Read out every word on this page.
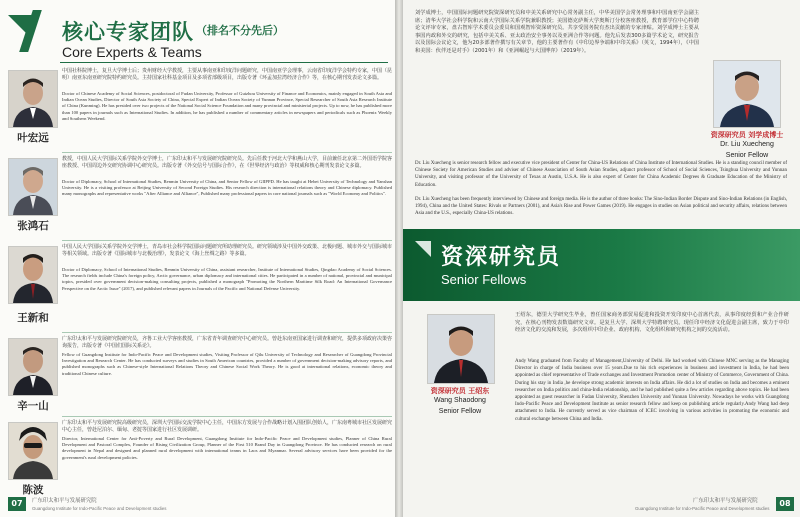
核心专家团队 （排名不分先后）
Core Experts & Teams
叶宏远
中国社科院博士，复旦大学博士后；贵州财经大学教授，主要从事南亚和印度洋问题研究，中国南亚学会理事，云南省印度洋学会特约专家，中国（昆明）南亚东南亚研究院特约研究员。主持国家社科基金项目及多项省部级项目，出版专著《环孟加拉湾经济合作》等，在核心期刊发表论文多篇。
Doctor of Chinese Academy of Social Sciences, postdoctoral of Fudan University, Professor of Guizhou University of Finance and Economics, mainly engaged in South Asia and Indian Ocean Studies, Director of South Asia Society of China, Special Expert of Indian Ocean Society of Yunnan Province, Special Researcher of South Asia Research Institute of China (Kunming). He has presided over two projects of the National Social Science Foundation and many provincial and ministerial projects. Up to now, he has published more than 100 papers in journals such as International Studies. In addition, he has published a number of commentary articles in newspapers and periodicals such as Phoenix Weekly and Southern Weekend.
张鸿石
教授，中国人民大学国际关系学院外交学博士，广东印太和平与发展研究院研究员。先后任教于河北大学和燕山大学，目前兼任北京第二外国语学院客座教授、中国周边外交研究协调中心研究员。出版专著《外交信号与国际合作》，在《世界经济与政治》等权威和核心期刊发表论文多篇。
Doctor of Diplomacy, School of International Studies, Renmin University of China, and Senior Fellow of GIIPPD. He has taught at Hebei University of Technology and Yanshan University. He is a visiting professor at Beijing University of Second Foreign Studies. His research direction is international relations theory and Chinese diplomacy. Published many monographs and representative works "After Alliance and Alliance", Published many professional papers in core national journals such as "World Economy and Politics".
王新和
中国人民大学国际关系学院外交学博士，青岛市社会科学院国际问题研究所助理研究员。研究领域涉及中国外交政策、北极问题、城市外交与国际城市等相关领域。出版专著《国际城市与北极治理》，发表论文《海上丝绸之路》等多篇。
Doctor of Diplomacy, School of International Studies, Renmin University of China, assistant researcher, Institute of International Studies, Qingdao Academy of Social Sciences. The research fields include China's foreign policy, Arctic governance, urban diplomacy and international cities. He participated in a number of national, provincial and municipal topics, presided over government decision-making consulting projects, published a monograph "Promoting the Northern Maritime Silk Road: An International Governance Perspective on the Arctic Issue" (2017), and published relevant papers in Journals of the Pacific and National Defense University.
辛一山
广东印太和平与发展研究院研究员，齐鲁工业大学客座教授，广东省青年调查研究中心研究员。曾赴东南亚国家进行调查和研究，提供多项政府决策咨询报告，出版专著《中国们国际关系论》。
Fellow of Guangdong Institute for Indo-Pacific Peace and Development studies, Visiting Professor of Qilu University of Technology and Researcher of Guangdong Provincial Investigation and Research Center. He has conducted surveys and studies in South American countries, provided a number of government decision-making advisory reports, and published monographs such as Chinese-style International Relations Theory and Chinese Social Work Theory. He is good at international relations, economic theory and traditional Chinese culture.
陈波
广东印太和平与发展研究院高级研究员，深圳大学国际交流学院中心主任，中国东方发展与合作战略计划入围团队创始人，广东南粤城市社区发展研究中心主任，曾赴尼泊尔、缅甸、老挝等国家进行社区发展调研。
Director, International Center for Anti-Poverty and Rural Development, Guangdong Institute for Indo-Pacific Peace and Development studies, Planner of China Rural Development and Pastoral Complex, Founder of Rising Civilization Group, Planner of the First 510 Brand Day in Guangdong Province. He has conducted research on rural development in Nepal and designed and planned rural development with international teams in Laos and Myanmar. Several advisory services have been provided for the government's rural development policies.
07	广东印太和平与发展研究院
Guangdong Institute for Indo-Pacific Peace and Development studies
刘学成博士，中国国际问题研究院资深研究员和中美关系研究中心常务副主任，中华美国学会常务理事和中国南亚学会副主席；清华大学社会科学院和云南大学国际关系学院兼职教授；美国德克萨斯大学奥斯汀分校客座教授，教育部学位中心特聘论文评审专家，盘古智库学术委员会委员和国观智库资深研究员。共享受国务院有杰出贡献的专家津贴。刘学成博士主要从事国内政和外交的研究，包括中美关系、亚太政治安全事务以及亚洲合作等问题。他先后发表300多篇学术论文，研究报告以及国际会议论文，他为20多部著作撰写有关章节，他的主要著作有《中印边界争端和中印关系》（英文，1994年），《中国和美国：伙伴还是对手》（2001年）和《亚洲崛起与大国博弈》（2019年）。
资深研究员 刘学成博士
Dr. Liu Xuecheng
Senior Fellow
Dr. Liu Xuecheng is senior research fellow and executive vice president of Center for China-US Relations of China Institute of International Studies. He is a standing council member of Chinese Society for American Studies and adviser of Chinese Association of South Asian Studies, adjunct professor of School of Social Sciences, Tsinghua University and Yunnan University, and visiting professor of the University of Texas at Austin, U.S.A. He is also expert of Center for China Academic Degrees & Graduate Education of the Ministry of Education.
Dr. Liu Xuecheng has been frequently interviewed by Chinese and foreign media. He is the author of three books: The Sino-Indian Border Dispute and Sino-Indian Relations (in English, 1994), China and the United States: Rivals or Partners (2001), and Asia's Rise and Power Games (2019). He engages in studies on Asian political and security affairs, relations between Asia and the U.S., especially China-US relations.
资深研究员
Senior Fellows
资深研究员 王绍东
Wang Shaodong
Senior Fellow
王绍东，德里大学研究生毕业，曾任国家商务部贸易促进和投资开发印度中心首席代表，从事印度经贸和产业合作研究，在核心刊物发表数篇研究文章。是复旦大学、深圳大学特聘研究员。现任印中经济文化促进会副主席，致力于中印经济文化的交流和发展，多次组织中印企业、政府机构、文化组织和研究机构之间的交流活动。
Andy Wang graduated from Faculty of Management,University of Delhi. He had worked with Chinese MNC serving as the Managing Director in charge of India business over 15 years.Due to his rich experiences in business and investment in India, he had been appointed as chief representative of Trade exchanges and Investment Promotion center of Ministry of Commerce, Government of China. During his stay in India ,he develope strong academic interests on India affairs. He did a lot of studies on India and becomes a eminent researcher on India politics and china-India relationship, and he had published quite a few articles regarding above topics. He had been appointed as guest researcher in Fudan University, Shenzhen University and Yunnan University. Nowadays he works with Guangdong Indo-Pacific Peace and Development Institute as senior research fellow and keep on publishing article regularly.Andy Wang had deep attachment to India. He currently served as vice chairman of ICEC involving in various activities in promoting the economic and cultural exchange between China and India.
广东印太和平与发展研究院
Guangdong Institute for Indo-Pacific Peace and Development studies
08
